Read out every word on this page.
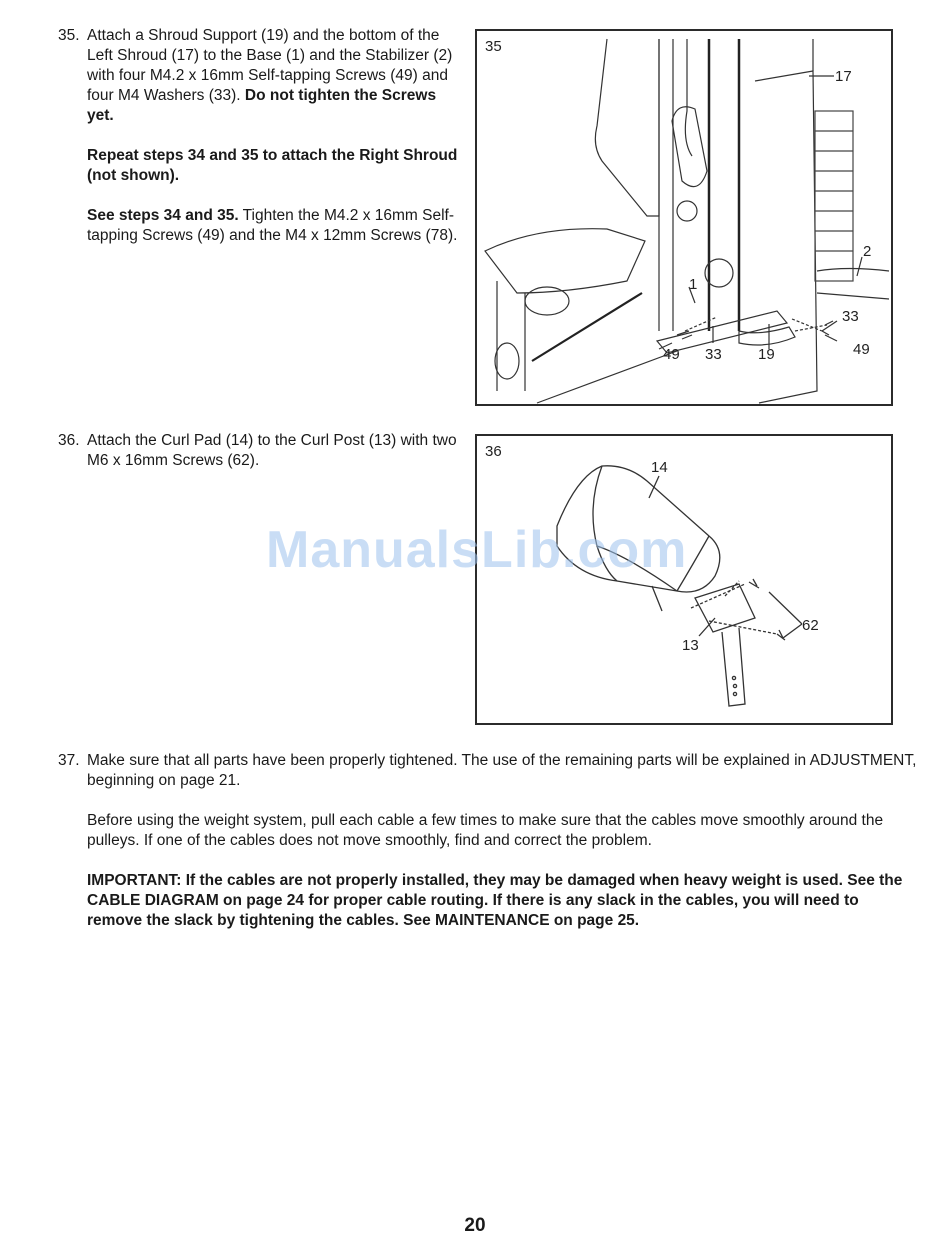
35. Attach a Shroud Support (19) and the bottom of the Left Shroud (17) to the Base (1) and the Stabilizer (2) with four M4.2 x 16mm Self-tapping Screws (49) and four M4 Washers (33). Do not tighten the Screws yet.

Repeat steps 34 and 35 to attach the Right Shroud (not shown).

See steps 34 and 35. Tighten the M4.2 x 16mm Self-tapping Screws (49) and the M4 x 12mm Screws (78).

35
17
2
1
33
49 33 19	49
36. Attach the Curl Pad (14) to the Curl Post (13) with two M6 x 16mm Screws (62).

36
14
62
13
ManualsLib.com
37. Make sure that all parts have been properly tightened. The use of the remaining parts will be explained in ADJUSTMENT, beginning on page 21.

Before using the weight system, pull each cable a few times to make sure that the cables move smoothly around the pulleys. If one of the cables does not move smoothly, find and correct the problem.

IMPORTANT: If the cables are not properly installed, they may be damaged when heavy weight is used. See the CABLE DIAGRAM on page 24 for proper cable routing. If there is any slack in the cables, you will need to remove the slack by tightening the cables. See MAINTENANCE on page 25.

20
